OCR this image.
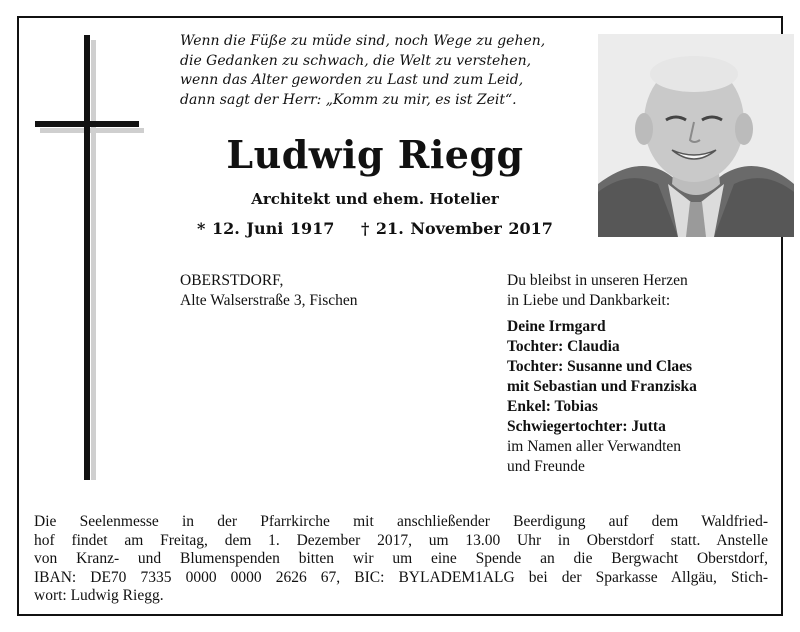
Wenn die Füße zu müde sind, noch Wege zu gehen,
die Gedanken zu schwach, die Welt zu verstehen,
wenn das Alter geworden zu Last und zum Leid,
dann sagt der Herr: „Komm zu mir, es ist Zeit“.
Ludwig Riegg
Architekt und ehem. Hotelier
* 12. Juni 1917 † 21. November 2017
OBERSTDORF,
Alte Walserstraße 3, Fischen
Du bleibst in unseren Herzen
in Liebe und Dankbarkeit:
Deine Irmgard
Tochter: Claudia
Tochter: Susanne und Claes
mit Sebastian und Franziska
Enkel: Tobias
Schwiegertochter: Jutta
im Namen aller Verwandten
und Freunde
Die Seelenmesse in der Pfarrkirche mit anschließender Beerdigung auf dem Waldfried-
hof findet am Freitag, dem 1. Dezember 2017, um 13.00 Uhr in Oberstdorf statt. Anstelle
von Kranz- und Blumenspenden bitten wir um eine Spende an die Bergwacht Oberstdorf,
IBAN: DE70 7335 0000 0000 2626 67, BIC: BYLADEM1ALG bei der Sparkasse Allgäu, Stich-
wort: Ludwig Riegg.
